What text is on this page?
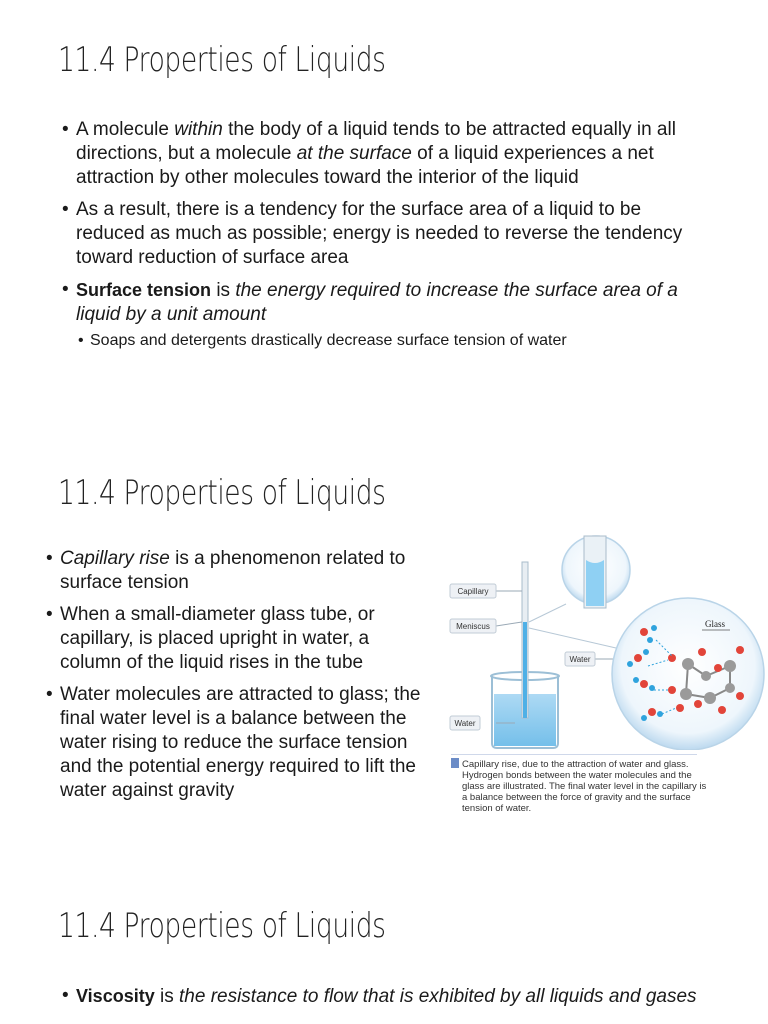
11.4 Properties of Liquids
• A molecule within the body of a liquid tends to be attracted equally in all directions, but a molecule at the surface of a liquid experiences a net attraction by other molecules toward the interior of the liquid
• As a result, there is a tendency for the surface area of a liquid to be reduced as much as possible; energy is needed to reverse the tendency toward reduction of surface area
• Surface tension is the energy required to increase the surface area of a liquid by a unit amount
• Soaps and detergents drastically decrease surface tension of water
11.4 Properties of Liquids
• Capillary rise is a phenomenon related to surface tension
• When a small-diameter glass tube, or capillary, is placed upright in water, a column of the liquid rises in the tube
• Water molecules are attracted to glass; the final water level is a balance between the water rising to reduce the surface tension and the potential energy required to lift the water against gravity
Capillary
Meniscus
Water
Water
Glass
Capillary rise, due to the attraction of water and glass. Hydrogen bonds between the water molecules and the glass are illustrated. The final water level in the capillary is a balance between the force of gravity and the surface tension of water.
11.4 Properties of Liquids
• Viscosity is the resistance to flow that is exhibited by all liquids and gases
